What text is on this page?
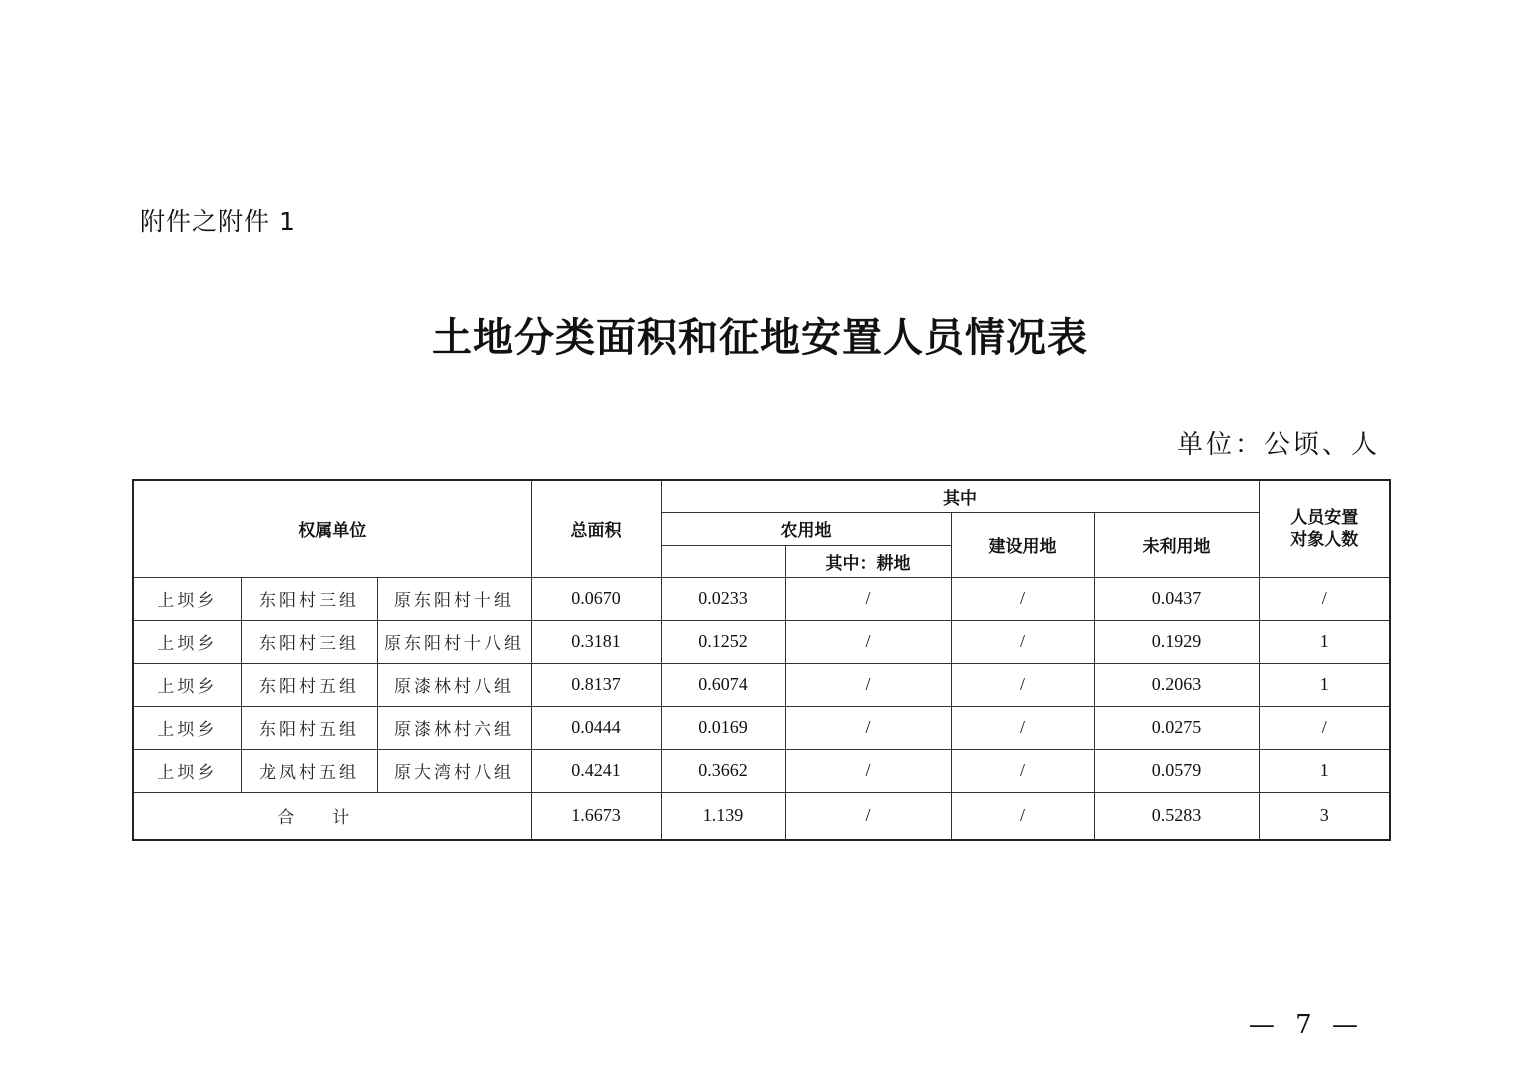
附件之附件 1
土地分类面积和征地安置人员情况表
单位：公顷、人
权属单位			总面积	其中				人员安置对象人数

				农用地		建设用地	未利用地	
					其中：耕地			
上坝乡	东阳村三组	原东阳村十组	0.0670	0.0233	/	/	0.0437	/
上坝乡	东阳村三组	原东阳村十八组	0.3181	0.1252	/	/	0.1929	1
上坝乡	东阳村五组	原漆林村八组	0.8137	0.6074	/	/	0.2063	1
上坝乡	东阳村五组	原漆林村六组	0.0444	0.0169	/	/	0.0275	/
上坝乡	龙凤村五组	原大湾村八组	0.4241	0.3662	/	/	0.0579	1
合计			1.6673	1.139	/	/	0.5283	3
— 7 —
